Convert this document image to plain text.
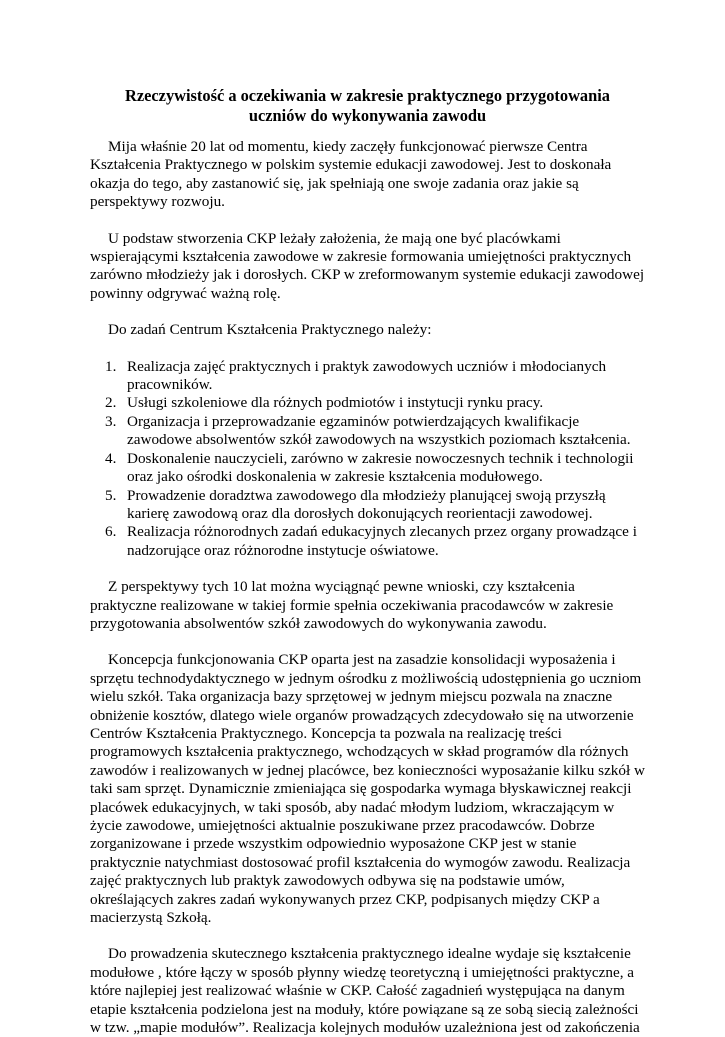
Rzeczywistość a oczekiwania w zakresie praktycznego przygotowania
uczniów do wykonywania zawodu

Mija właśnie 20 lat od momentu, kiedy zaczęły funkcjonować pierwsze Centra Kształcenia Praktycznego w polskim systemie edukacji zawodowej. Jest to doskonała okazja do tego, aby zastanowić się, jak spełniają one swoje zadania oraz jakie są perspektywy rozwoju.

U podstaw stworzenia CKP leżały założenia, że mają one być placówkami wspierającymi kształcenia zawodowe w zakresie formowania umiejętności praktycznych zarówno młodzieży jak i dorosłych. CKP w zreformowanym systemie edukacji zawodowej powinny odgrywać ważną rolę.

Do zadań Centrum Kształcenia Praktycznego należy:

1. Realizacja zajęć praktycznych i praktyk zawodowych uczniów i młodocianych pracowników.
2. Usługi szkoleniowe dla różnych podmiotów i instytucji rynku pracy.
3. Organizacja i przeprowadzanie egzaminów potwierdzających kwalifikacje zawodowe absolwentów szkół zawodowych na wszystkich poziomach kształcenia.
4. Doskonalenie nauczycieli, zarówno w zakresie nowoczesnych technik i technologii oraz jako ośrodki doskonalenia w zakresie kształcenia modułowego.
5. Prowadzenie doradztwa zawodowego dla młodzieży planującej swoją przyszłą karierę zawodową oraz dla dorosłych dokonujących reorientacji zawodowej.
6. Realizacja różnorodnych zadań edukacyjnych zlecanych przez organy prowadzące i nadzorujące oraz różnorodne instytucje oświatowe.

Z perspektywy tych 10 lat można wyciągnąć pewne wnioski, czy kształcenia praktyczne realizowane w takiej formie spełnia oczekiwania pracodawców w zakresie przygotowania absolwentów szkół zawodowych do wykonywania zawodu.

Koncepcja funkcjonowania CKP oparta jest na zasadzie konsolidacji wyposażenia i sprzętu technodydaktycznego w jednym ośrodku z możliwością udostępnienia go uczniom wielu szkół. Taka organizacja bazy sprzętowej w jednym miejscu pozwala na znaczne obniżenie kosztów, dlatego wiele organów prowadzących zdecydowało się na utworzenie Centrów Kształcenia Praktycznego. Koncepcja ta pozwala na realizację treści programowych kształcenia praktycznego, wchodzących w skład programów dla różnych zawodów i realizowanych w jednej placówce, bez konieczności wyposażanie kilku szkół w taki sam sprzęt. Dynamicznie zmieniająca się gospodarka wymaga błyskawicznej reakcji placówek edukacyjnych, w taki sposób, aby nadać młodym ludziom, wkraczającym w życie zawodowe, umiejętności aktualnie poszukiwane przez pracodawców. Dobrze zorganizowane i przede wszystkim odpowiednio wyposażone CKP jest w stanie praktycznie natychmiast dostosować profil kształcenia do wymogów zawodu. Realizacja zajęć praktycznych lub praktyk zawodowych odbywa się na podstawie umów, określających zakres zadań wykonywanych przez CKP, podpisanych między CKP a macierzystą Szkołą.

Do prowadzenia skutecznego kształcenia praktycznego idealne wydaje się kształcenie modułowe , które łączy w sposób płynny wiedzę teoretyczną i umiejętności praktyczne, a które najlepiej jest realizować właśnie w CKP. Całość zagadnień występująca na danym etapie kształcenia podzielona jest na moduły, które powiązane są ze sobą siecią zależności w tzw. „mapie modułów”. Realizacja kolejnych modułów uzależniona jest od zakończenia
